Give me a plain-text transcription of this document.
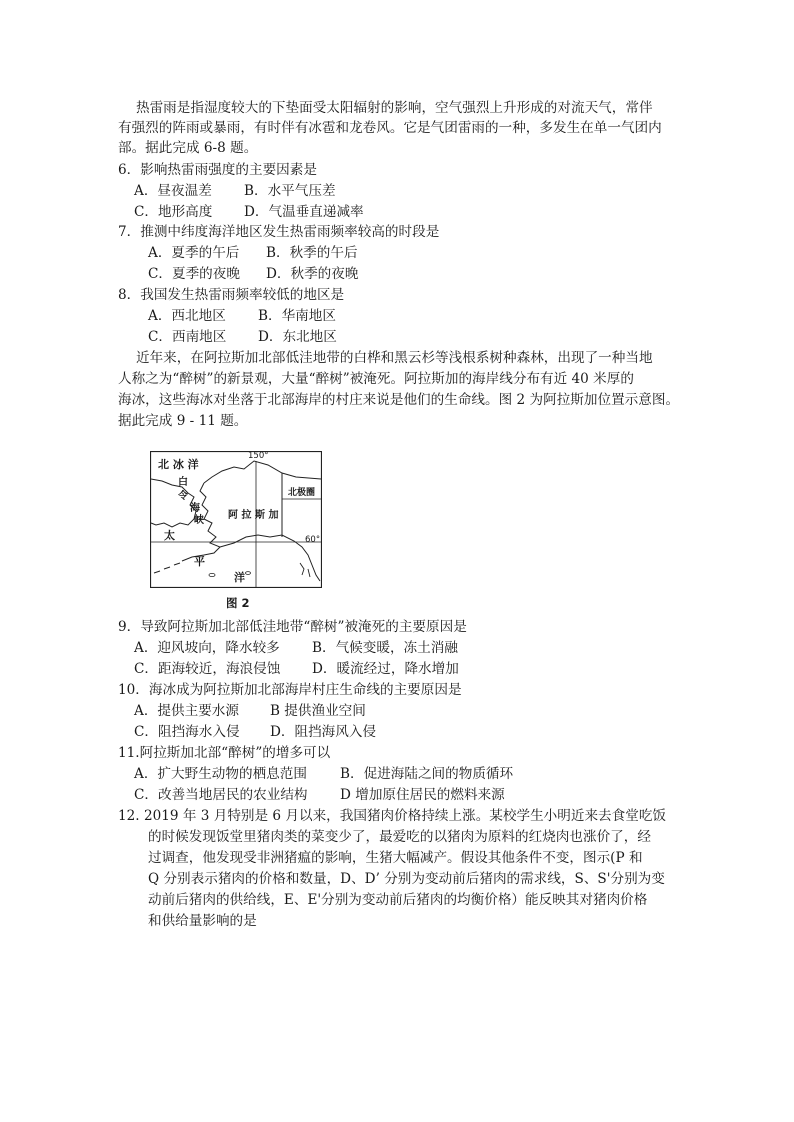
热雷雨是指湿度较大的下垫面受太阳辐射的影响，空气强烈上升形成的对流天气，常伴
有强烈的阵雨或暴雨，有时伴有冰雹和龙卷风。它是气团雷雨的一种，多发生在单一气团内
部。据此完成 6-8 题。
6．影响热雷雨强度的主要因素是
A．昼夜温差 B．水平气压差
C．地形高度 D．气温垂直递减率
7．推测中纬度海洋地区发生热雷雨频率较高的时段是
A．夏季的午后 B．秋季的午后
C．夏季的夜晚 D．秋季的夜晚
8．我国发生热雷雨频率较低的地区是
A．西北地区 B．华南地区
C．西南地区 D．东北地区
近年来，在阿拉斯加北部低洼地带的白桦和黑云杉等浅根系树种森林，出现了一种当地
人称之为“醉树”的新景观，大量“醉树”被淹死。阿拉斯加的海岸线分布有近 40 米厚的
海冰，这些海冰对坐落于北部海岸的村庄来说是他们的生命线。图 2 为阿拉斯加位置示意图。
据此完成 9 - 11 题。
北 冰 洋
白
令
海
峡 阿 拉 斯 加
北极圈
150°
60°
太
平
洋
图 2
9．导致阿拉斯加北部低洼地带“醉树”被淹死的主要原因是
A．迎风坡向，降水较多 B．气候变暖，冻土消融
C．距海较近，海浪侵蚀 D．暖流经过，降水增加
10．海冰成为阿拉斯加北部海岸村庄生命线的主要原因是
A．提供主要水源 B 提供渔业空间
C．阻挡海水入侵 D．阻挡海风入侵
11.阿拉斯加北部“醉树”的增多可以
A．扩大野生动物的栖息范围 B．促进海陆之间的物质循环
C．改善当地居民的农业结构 D 增加原住居民的燃料来源
12. 2019 年 3 月特别是 6 月以来，我国猪肉价格持续上涨。某校学生小明近来去食堂吃饭
的时候发现饭堂里猪肉类的菜变少了，最爱吃的以猪肉为原料的红烧肉也涨价了，经
过调查，他发现受非洲猪瘟的影响，生猪大幅减产。假设其他条件不变，图示(P 和
Q 分别表示猪肉的价格和数量，D、D’ 分别为变动前后猪肉的需求线，S、S'分别为变
动前后猪肉的供给线，E、E'分别为变动前后猪肉的均衡价格）能反映其对猪肉价格
和供给量影响的是
